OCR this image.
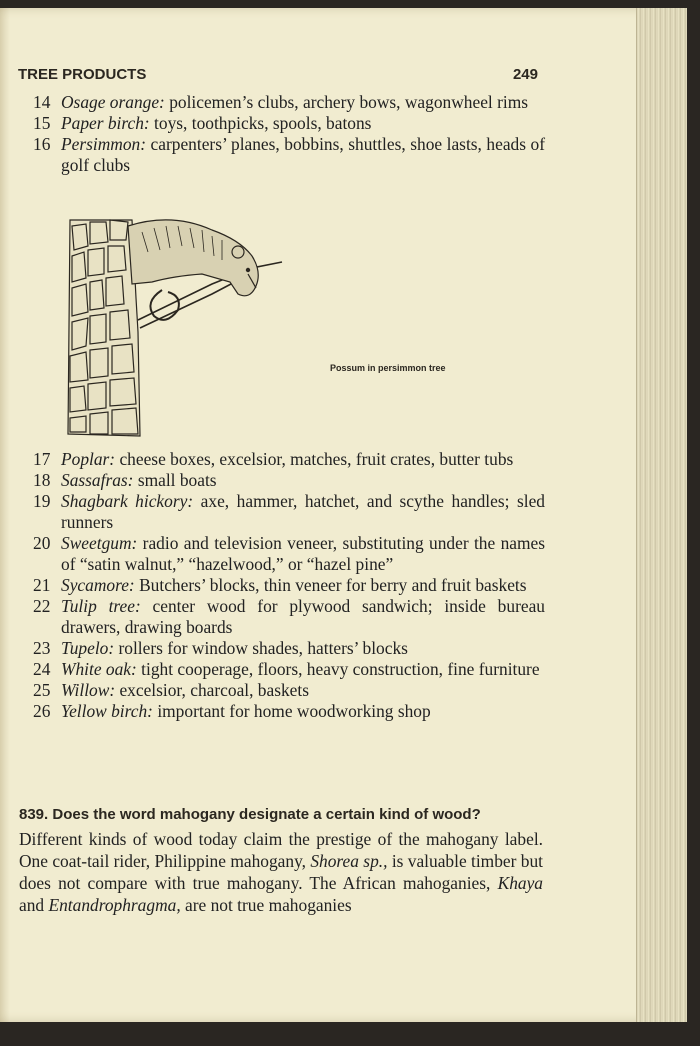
TREE PRODUCTS	249
14 Osage orange: policemen’s clubs, archery bows, wagonwheel rims
15 Paper birch: toys, toothpicks, spools, batons
16 Persimmon: carpenters’ planes, bobbins, shuttles, shoe lasts, heads of golf clubs
Possum in persimmon tree
17 Poplar: cheese boxes, excelsior, matches, fruit crates, butter tubs
18 Sassafras: small boats
19 Shagbark hickory: axe, hammer, hatchet, and scythe handles; sled runners
20 Sweetgum: radio and television veneer, substituting under the names of “satin walnut,” “hazelwood,” or “hazel pine”
21 Sycamore: Butchers’ blocks, thin veneer for berry and fruit baskets
22 Tulip tree: center wood for plywood sandwich; inside bureau drawers, drawing boards
23 Tupelo: rollers for window shades, hatters’ blocks
24 White oak: tight cooperage, floors, heavy construction, fine furniture
25 Willow: excelsior, charcoal, baskets
26 Yellow birch: important for home woodworking shop
839. Does the word mahogany designate a certain kind of wood?
Different kinds of wood today claim the prestige of the mahogany label. One coat-tail rider, Philippine mahogany, Shorea sp., is valuable timber but does not compare with true mahogany. The African mahoganies, Khaya and Entandrophragma, are not true mahoganies
